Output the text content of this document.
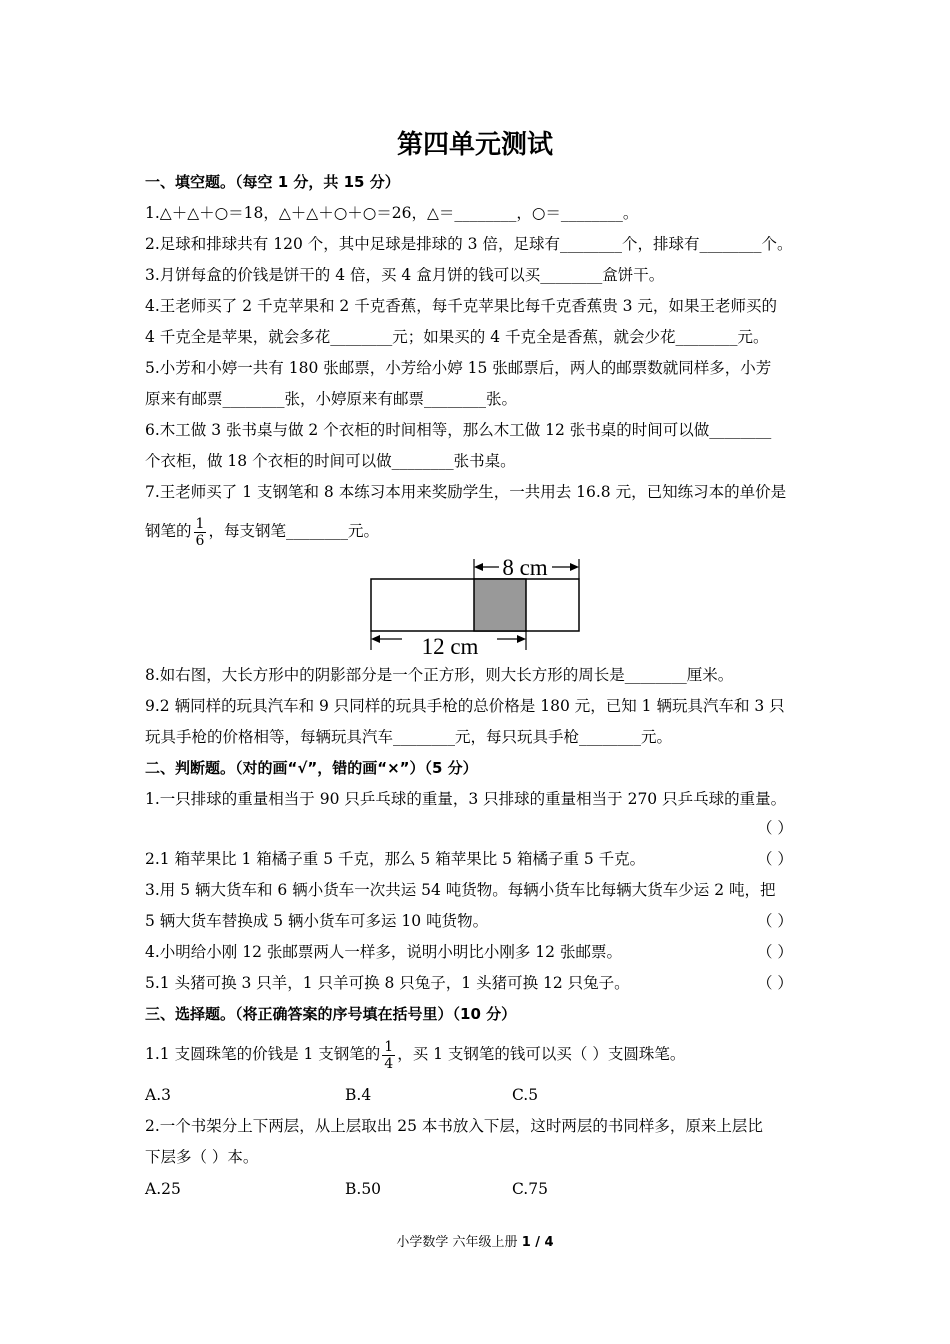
第四单元测试
一、填空题。（每空 1 分，共 15 分）
1.△＋△＋○＝18，△＋△＋○＋○＝26，△＝________，○＝________。
2.足球和排球共有 120 个，其中足球是排球的 3 倍，足球有________个，排球有________个。
3.月饼每盒的价钱是饼干的 4 倍，买 4 盒月饼的钱可以买________盒饼干。
4.王老师买了 2 千克苹果和 2 千克香蕉，每千克苹果比每千克香蕉贵 3 元，如果王老师买的
4 千克全是苹果，就会多花________元；如果买的 4 千克全是香蕉，就会少花________元。
5.小芳和小婷一共有 180 张邮票，小芳给小婷 15 张邮票后，两人的邮票数就同样多，小芳
原来有邮票________张，小婷原来有邮票________张。
6.木工做 3 张书桌与做 2 个衣柜的时间相等，那么木工做 12 张书桌的时间可以做________
个衣柜，做 18 个衣柜的时间可以做________张书桌。
7.王老师买了 1 支钢笔和 8 本练习本用来奖励学生，一共用去 16.8 元，已知练习本的单价是
钢笔的 $\frac{1}{6}$ ，每支钢笔________元。
8 cm
12 cm
8.如右图，大长方形中的阴影部分是一个正方形，则大长方形的周长是________厘米。
9.2 辆同样的玩具汽车和 9 只同样的玩具手枪的总价格是 180 元，已知 1 辆玩具汽车和 3 只
玩具手枪的价格相等，每辆玩具汽车________元，每只玩具手枪________元。
二、判断题。（对的画“√”，错的画“×”）（5 分）
1.一只排球的重量相当于 90 只乒乓球的重量，3 只排球的重量相当于 270 只乒乓球的重量。
（ ）
2.1 箱苹果比 1 箱橘子重 5 千克，那么 5 箱苹果比 5 箱橘子重 5 千克。	（ ）
3.用 5 辆大货车和 6 辆小货车一次共运 54 吨货物。每辆小货车比每辆大货车少运 2 吨，把
5 辆大货车替换成 5 辆小货车可多运 10 吨货物。	（ ）
4.小明给小刚 12 张邮票两人一样多，说明小明比小刚多 12 张邮票。	（ ）
5.1 头猪可换 3 只羊，1 只羊可换 8 只兔子，1 头猪可换 12 只兔子。	（ ）
三、选择题。（将正确答案的序号填在括号里）（10 分）
1.1 支圆珠笔的价钱是 1 支钢笔的 $\frac{1}{4}$ ，买 1 支钢笔的钱可以买（ ）支圆珠笔。
A.3	B.4	C.5
2.一个书架分上下两层，从上层取出 25 本书放入下层，这时两层的书同样多，原来上层比
下层多（ ）本。
A.25	B.50	C.75
小学数学 六年级上册 1 / 4
